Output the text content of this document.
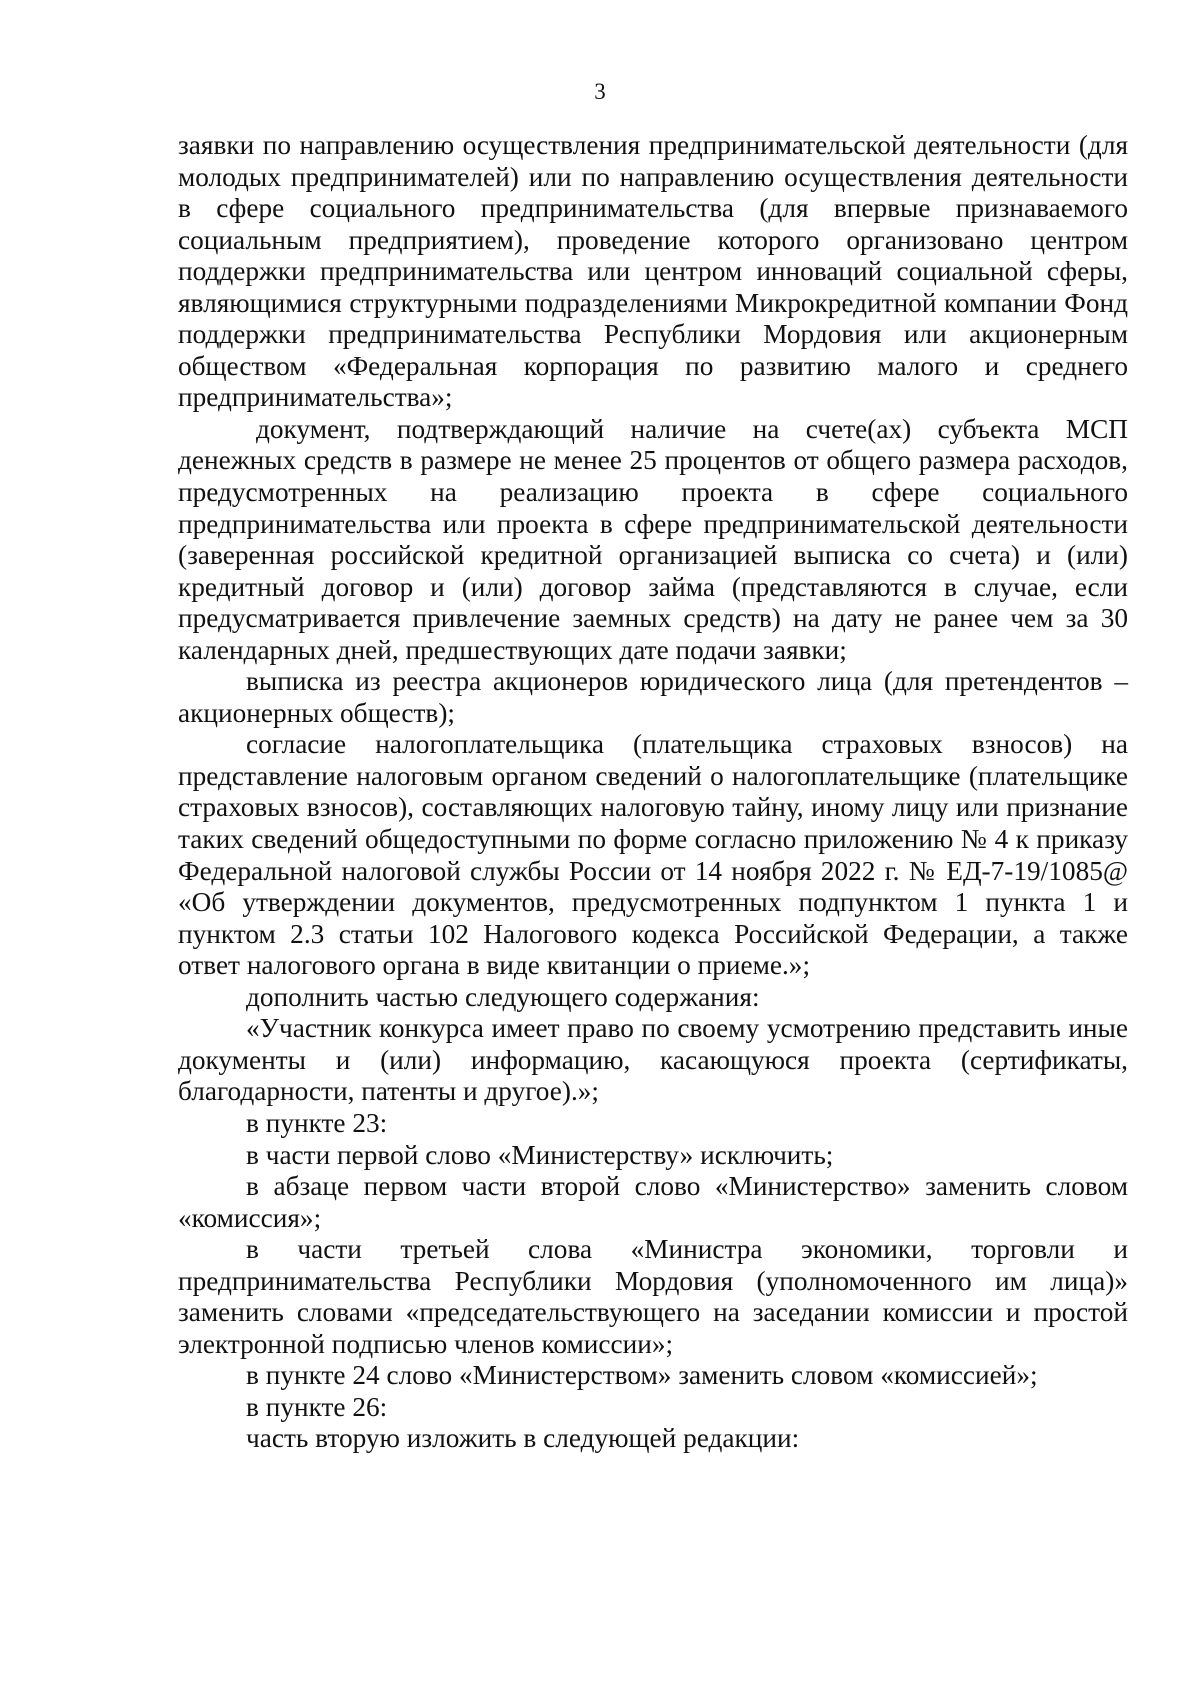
3

заявки по направлению осуществления предпринимательской деятельности (для молодых предпринимателей) или по направлению осуществления деятельности в сфере социального предпринимательства (для впервые признаваемого социальным предприятием), проведение которого организовано центром поддержки предпринимательства или центром инноваций социальной сферы, являющимися структурными подразделениями Микрокредитной компании Фонд поддержки предпринимательства Республики Мордовия или акционерным обществом «Федеральная корпорация по развитию малого и среднего предпринимательства»;

документ, подтверждающий наличие на счете(ах) субъекта МСП денежных средств в размере не менее 25 процентов от общего размера расходов, предусмотренных на реализацию проекта в сфере социального предпринимательства или проекта в сфере предпринимательской деятельности (заверенная российской кредитной организацией выписка со счета) и (или) кредитный договор и (или) договор займа (представляются в случае, если предусматривается привлечение заемных средств) на дату не ранее чем за 30 календарных дней, предшествующих дате подачи заявки;

выписка из реестра акционеров юридического лица (для претендентов – акционерных обществ);

согласие налогоплательщика (плательщика страховых взносов) на представление налоговым органом сведений о налогоплательщике (плательщике страховых взносов), составляющих налоговую тайну, иному лицу или признание таких сведений общедоступными по форме согласно приложению № 4 к приказу Федеральной налоговой службы России от 14 ноября 2022 г. № ЕД-7-19/1085@ «Об утверждении документов, предусмотренных подпунктом 1 пункта 1 и пунктом 2.3 статьи 102 Налогового кодекса Российской Федерации, а также ответ налогового органа в виде квитанции о приеме.»;

дополнить частью следующего содержания:

«Участник конкурса имеет право по своему усмотрению представить иные документы и (или) информацию, касающуюся проекта (сертификаты, благодарности, патенты и другое).»;

в пункте 23:

в части первой слово «Министерству» исключить;

в абзаце первом части второй слово «Министерство» заменить словом «комиссия»;

в части третьей слова «Министра экономики, торговли и предпринимательства Республики Мордовия (уполномоченного им лица)» заменить словами «председательствующего на заседании комиссии и простой электронной подписью членов комиссии»;

в пункте 24 слово «Министерством» заменить словом «комиссией»;

в пункте 26:

часть вторую изложить в следующей редакции:
